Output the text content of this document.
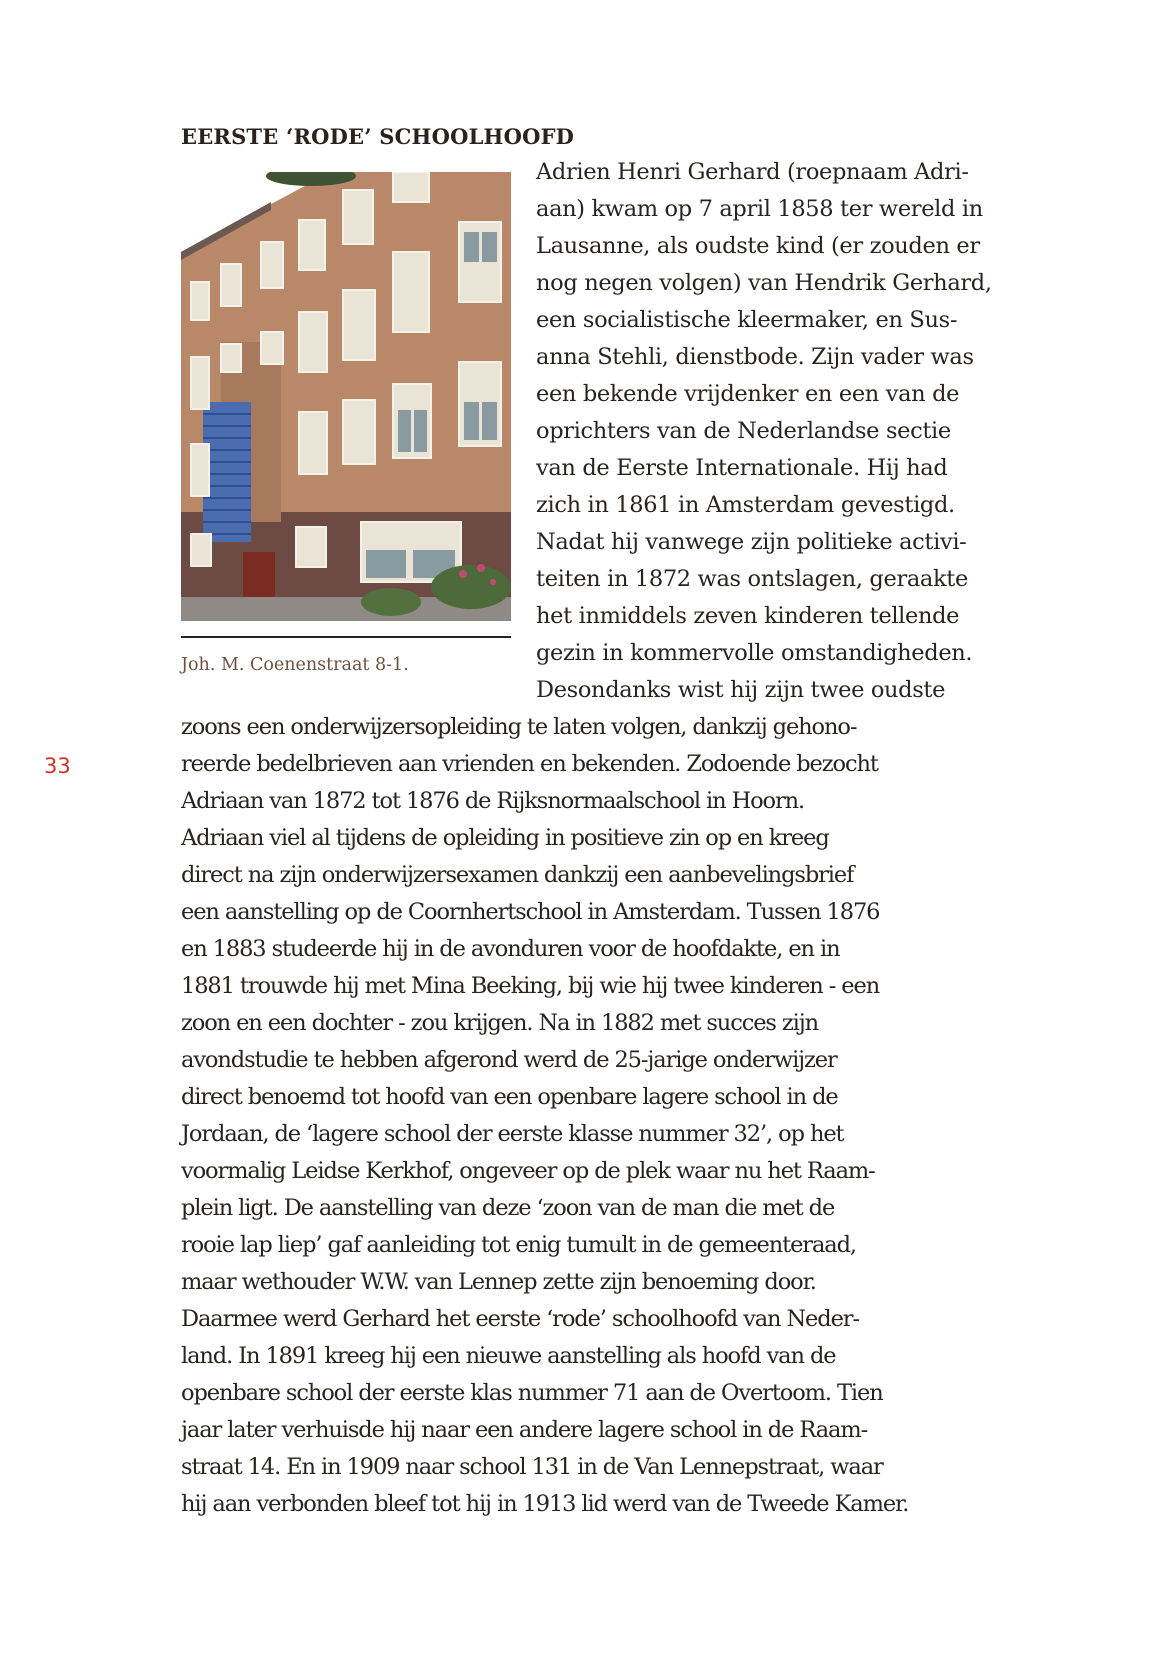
EERSTE ‘RODE’ SCHOOLHOOFD
Joh. M. Coenenstraat 8-1.
33
Adrien Henri Gerhard (roepnaam Adri-
aan) kwam op 7 april 1858 ter wereld in
Lausanne, als oudste kind (er zouden er
nog negen volgen) van Hendrik Gerhard,
een socialistische kleermaker, en Sus-
anna Stehli, dienstbode. Zijn vader was
een bekende vrijdenker en een van de
oprichters van de Nederlandse sectie
van de Eerste Internationale. Hij had
zich in 1861 in Amsterdam gevestigd.
Nadat hij vanwege zijn politieke activi-
teiten in 1872 was ontslagen, geraakte
het inmiddels zeven kinderen tellende
gezin in kommervolle omstandigheden.
Desondanks wist hij zijn twee oudste
zoons een onderwijzersopleiding te laten volgen, dankzij gehono-
reerde bedelbrieven aan vrienden en bekenden. Zodoende bezocht
Adriaan van 1872 tot 1876 de Rijksnormaalschool in Hoorn.
Adriaan viel al tijdens de opleiding in positieve zin op en kreeg
direct na zijn onderwijzersexamen dankzij een aanbevelingsbrief
een aanstelling op de Coornhertschool in Amsterdam. Tussen 1876
en 1883 studeerde hij in de avonduren voor de hoofdakte, en in
1881 trouwde hij met Mina Beeking, bij wie hij twee kinderen - een
zoon en een dochter - zou krijgen. Na in 1882 met succes zijn
avondstudie te hebben afgerond werd de 25-jarige onderwijzer
direct benoemd tot hoofd van een openbare lagere school in de
Jordaan, de ‘lagere school der eerste klasse nummer 32’, op het
voormalig Leidse Kerkhof, ongeveer op de plek waar nu het Raam-
plein ligt. De aanstelling van deze ‘zoon van de man die met de
rooie lap liep’ gaf aanleiding tot enig tumult in de gemeenteraad,
maar wethouder W.W. van Lennep zette zijn benoeming door.
Daarmee werd Gerhard het eerste ‘rode’ schoolhoofd van Neder-
land. In 1891 kreeg hij een nieuwe aanstelling als hoofd van de
openbare school der eerste klas nummer 71 aan de Overtoom. Tien
jaar later verhuisde hij naar een andere lagere school in de Raam-
straat 14. En in 1909 naar school 131 in de Van Lennepstraat, waar
hij aan verbonden bleef tot hij in 1913 lid werd van de Tweede Kamer.
